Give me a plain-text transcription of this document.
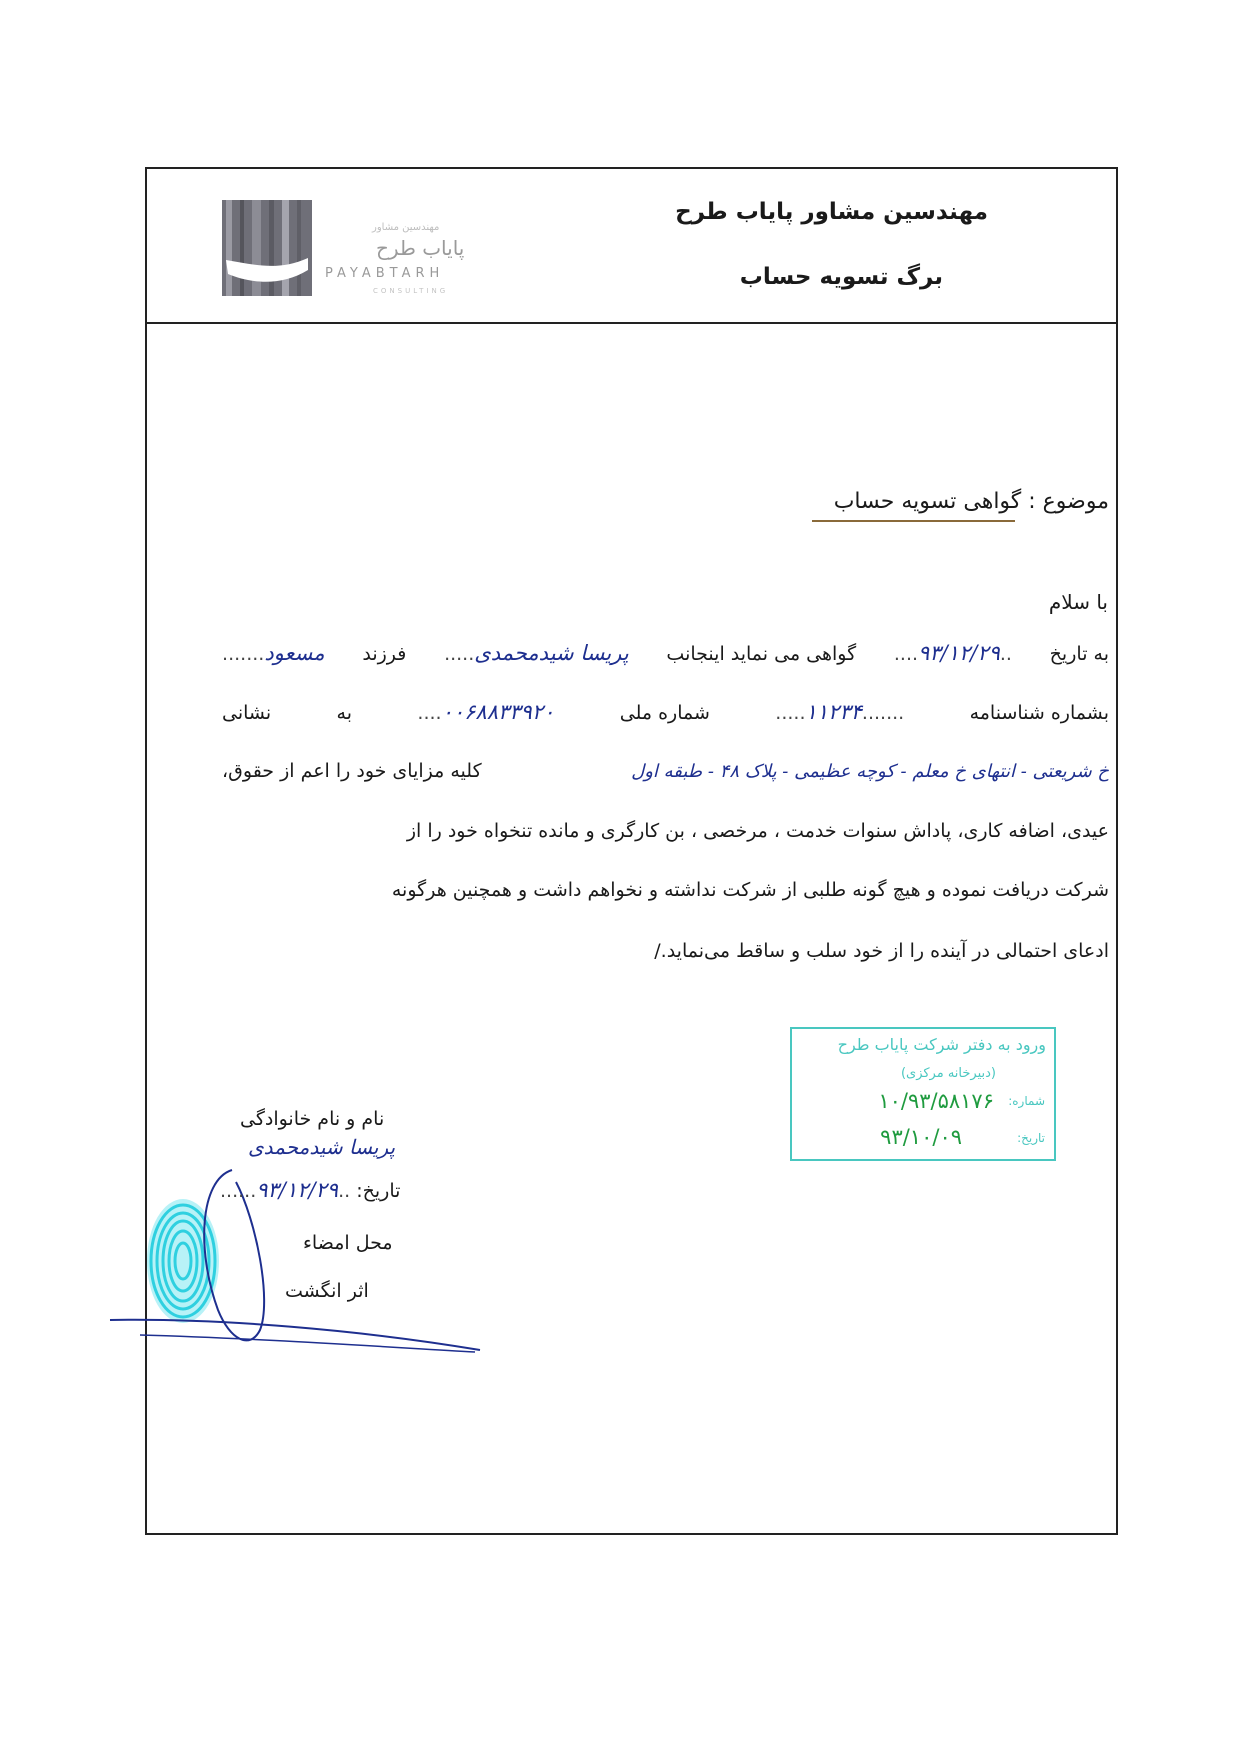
مهندسین مشاور پایاب طرح
برگ تسویه حساب
مهندسین مشاور
پایاب طرح
PAYABTARH
CONSULTING
موضوع : گواهی تسویه حساب
با سلام
به تاریخ
..۹۳/۱۲/۲۹....
گواهی می نماید اینجانب
پریسا شیدمحمدی.....
فرزند
مسعود.......
بشماره شناسنامه
.......۱۱۲۳۴.....
شماره ملی
۰۰۶۸۸۳۳۹۲۰....
به
نشانی
خ شریعتی - انتهای خ معلم - کوچه عظیمی - پلاک ۴۸ - طبقه اول
کلیه مزایای خود را اعم از حقوق،
عیدی، اضافه کاری، پاداش سنوات خدمت ، مرخصی ، بن کارگری و مانده تنخواه خود را از
شرکت دریافت نموده و هیچ گونه طلبی از شرکت نداشته و نخواهم داشت و همچنین هرگونه
ادعای احتمالی در آینده را از خود سلب و ساقط می‌نماید./
ورود به دفتر شرکت پایاب طرح
(دبیرخانه مرکزی)
شماره:
۱۰/۹۳/۵۸۱۷۶
تاریخ:
۹۳/۱۰/۰۹
نام و نام خانوادگی
پریسا شیدمحمدی
تاریخ: ..۹۳/۱۲/۲۹......
محل امضاء
اثر انگشت
